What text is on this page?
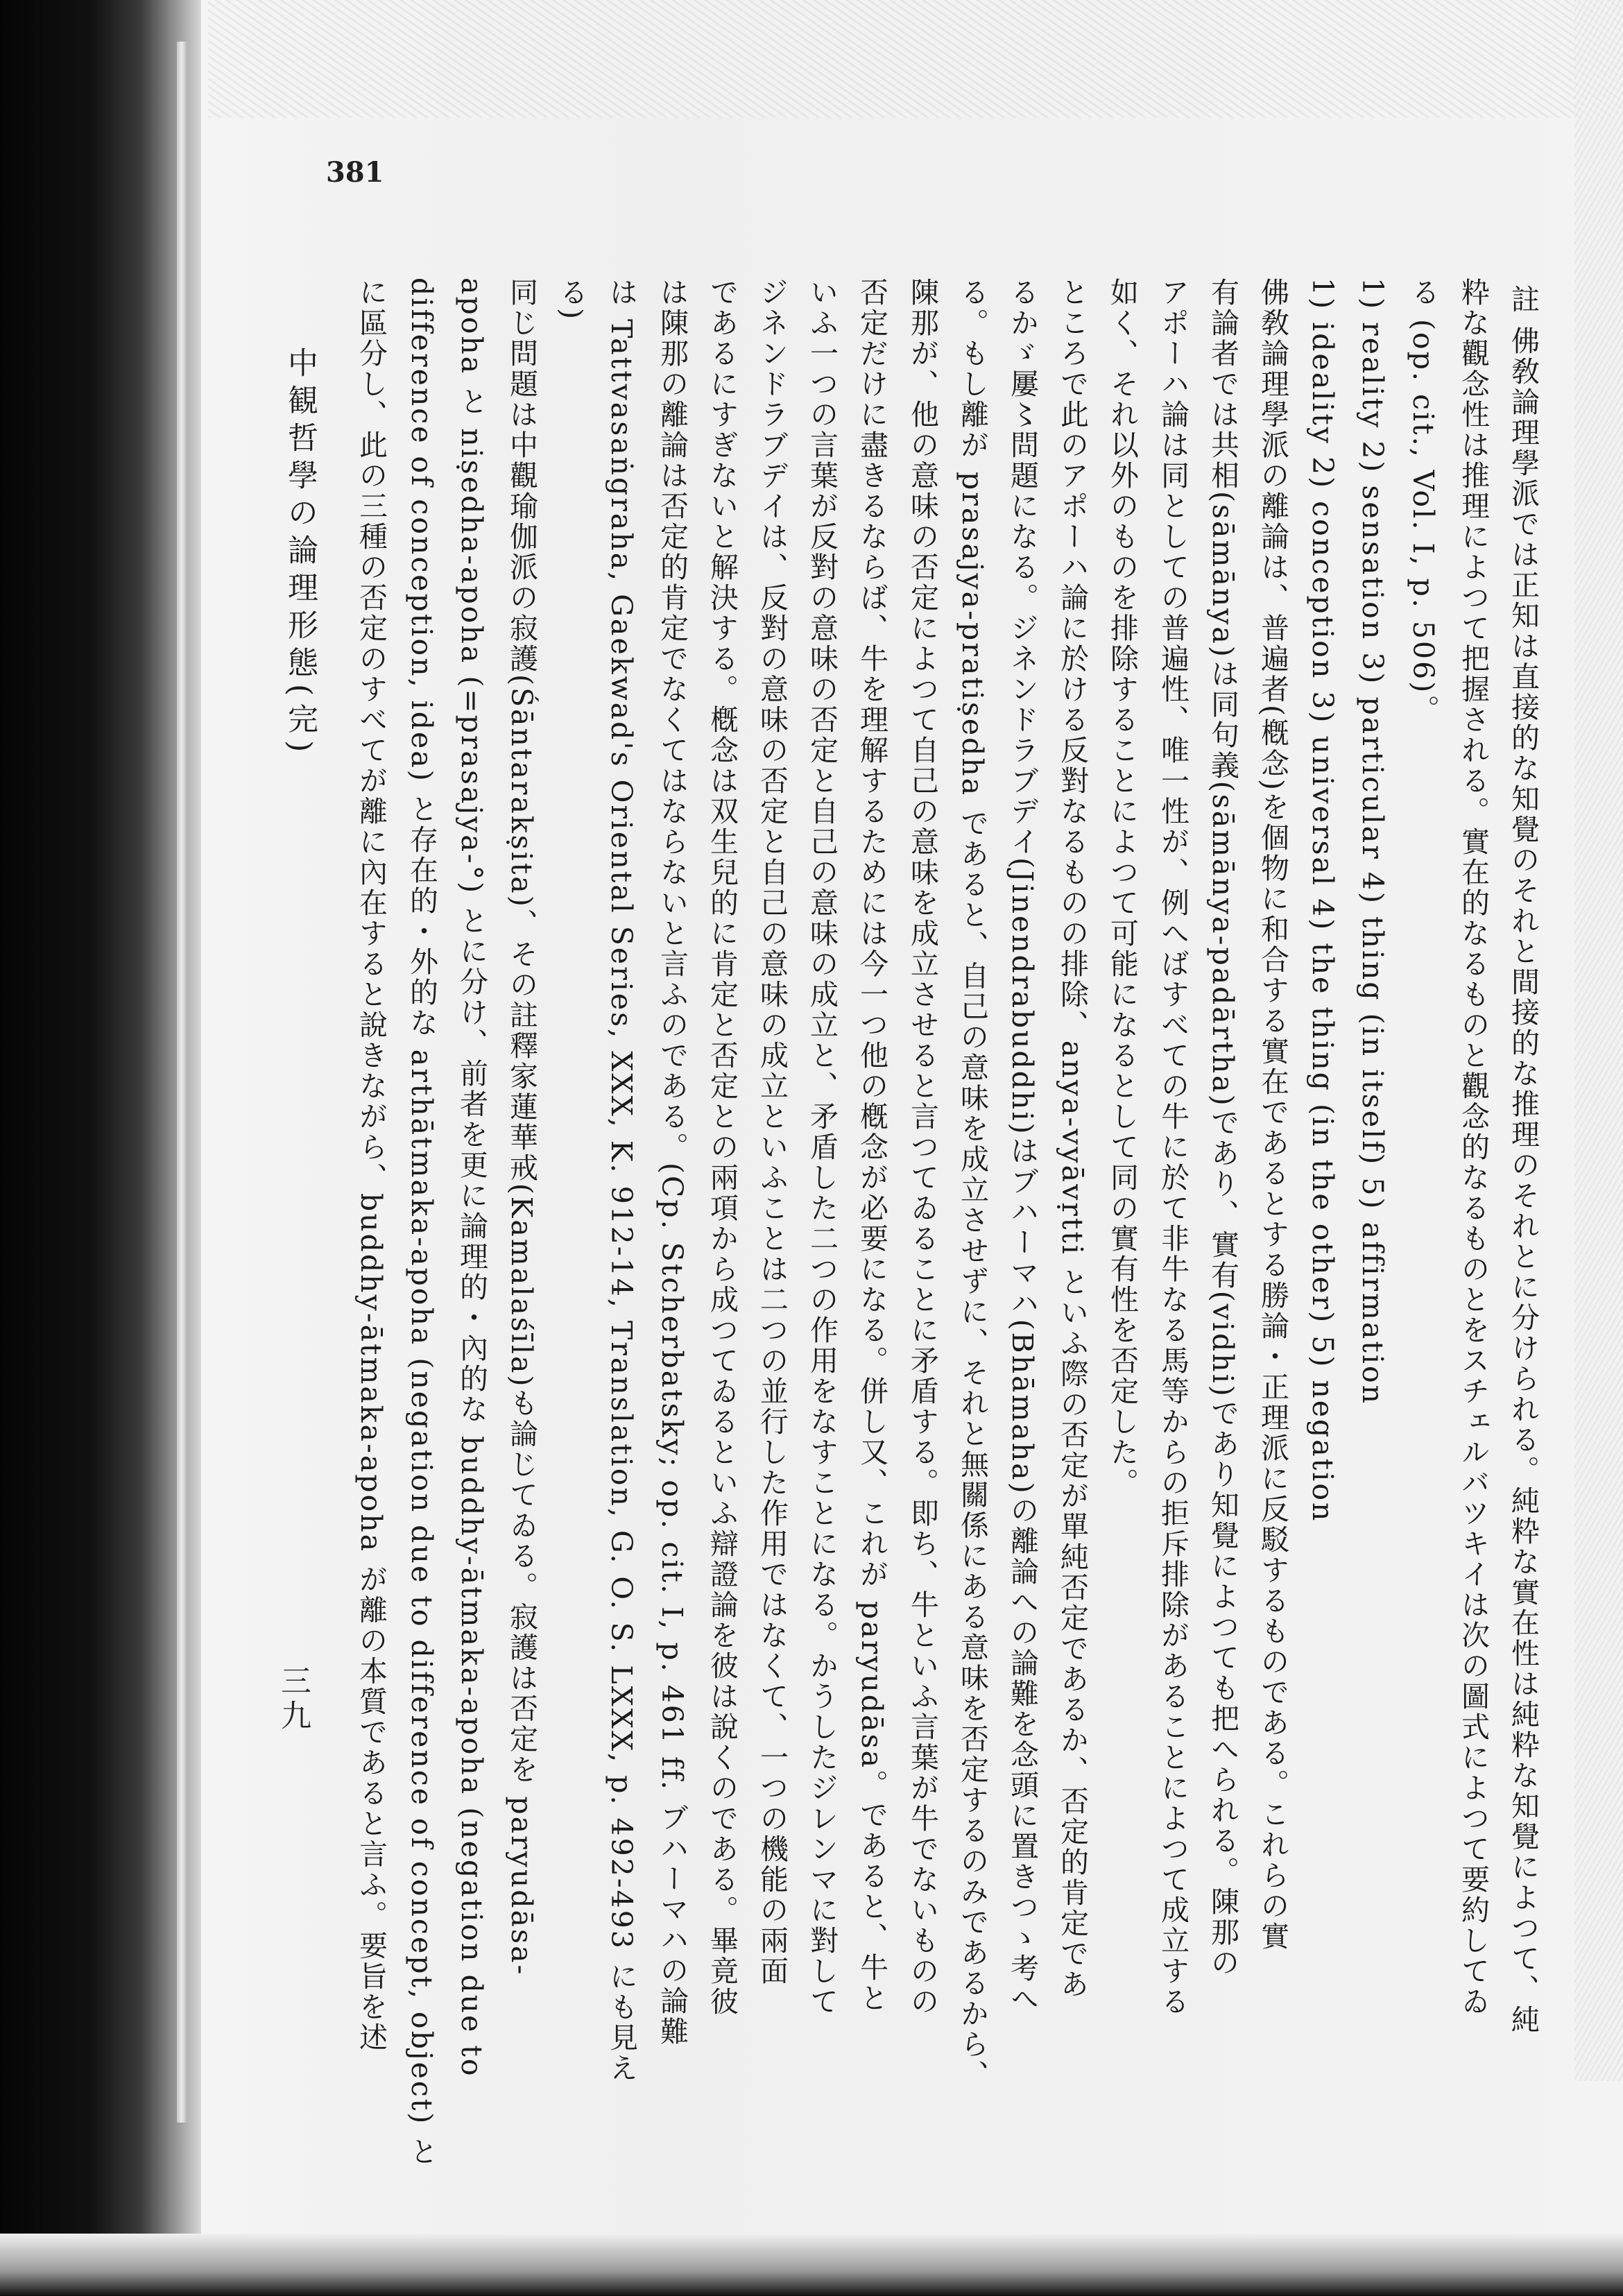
381
註 佛敎論理學派では正知は直接的な知覺のそれと間接的な推理のそれとに分けられる。純粋な實在性は純粋な知覺によつて、純
粋な觀念性は推理によつて把握される。實在的なるものと觀念的なるものとをスチェルバツキイは次の圖式によつて要約してゐ
る (op. cit., Vol. I, p. 506)。
1) reality 2) sensation 3) particular 4) thing (in itself) 5) affirmation
1) ideality 2) conception 3) universal 4) the thing (in the other) 5) negation
佛敎論理學派の離論は、普遍者(槪念)を個物に和合する實在であるとする勝論・正理派に反駁するものである。これらの實
有論者では共相(sāmānya)は同句義(sāmānya-padārtha)であり、實有(vidhi)であり知覺によつても把へられる。陳那の
アポーハ論は同としての普遍性、唯一性が、例へばすべての牛に於て非牛なる馬等からの拒斥排除があることによつて成立する
如く、それ以外のものを排除することによつて可能になるとして同の實有性を否定した。
ところで此のアポーハ論に於ける反對なるものの排除、anya-vyāvṛtti といふ際の否定が單純否定であるか、否定的肯定であ
るかゞ屢〻問題になる。ジネンドラブデイ(Jinendrabuddhi)はブハーマハ(Bhāmaha)の離論への論難を念頭に置きつゝ考へ
る。もし離が prasajya-pratiṣedha であると、自己の意味を成立させずに、それと無關係にある意味を否定するのみであるから、
陳那が、他の意味の否定によつて自己の意味を成立させると言つてゐることに矛盾する。即ち、牛といふ言葉が牛でないものの
否定だけに盡きるならば、牛を理解するためには今一つ他の槪念が必要になる。併し又、これが paryudāsa。であると、牛と
いふ一つの言葉が反對の意味の否定と自己の意味の成立と、矛盾した二つの作用をなすことになる。かうしたジレンマに對して
ジネンドラブデイは、反對の意味の否定と自己の意味の成立といふことは二つの並行した作用ではなくて、一つの機能の兩面
であるにすぎないと解決する。槪念は双生兒的に肯定と否定との兩項から成つてゐるといふ辯證論を彼は說くのである。畢竟彼
は陳那の離論は否定的肯定でなくてはならないと言ふのである。(Cp. Stcherbatsky; op. cit. I, p. 461 ff. ブハーマハの論難
は Tattvasaṅgraha, Gaekwad's Oriental Series, XXX, K. 912-14, Translation, G. O. S. LXXX, p. 492-493 にも見え
る)
同じ問題は中觀瑜伽派の寂護(Śāntarakṣita)、その註釋家蓮華戒(Kamalaśīla)も論じてゐる。寂護は否定を paryudāsa-
apoha と niṣedha-apoha (=prasajya-°) とに分け、前者を更に論理的・內的な buddhy-ātmaka-apoha (negation due to
difference of conception, idea) と存在的・外的な arthātmaka-apoha (negation due to difference of concept, object) と
に區分し、此の三種の否定のすべてが離に內在すると說きながら、buddhy-ātmaka-apoha が離の本質であると言ふ。要旨を述
中観哲學の論理形態(完)
三九
